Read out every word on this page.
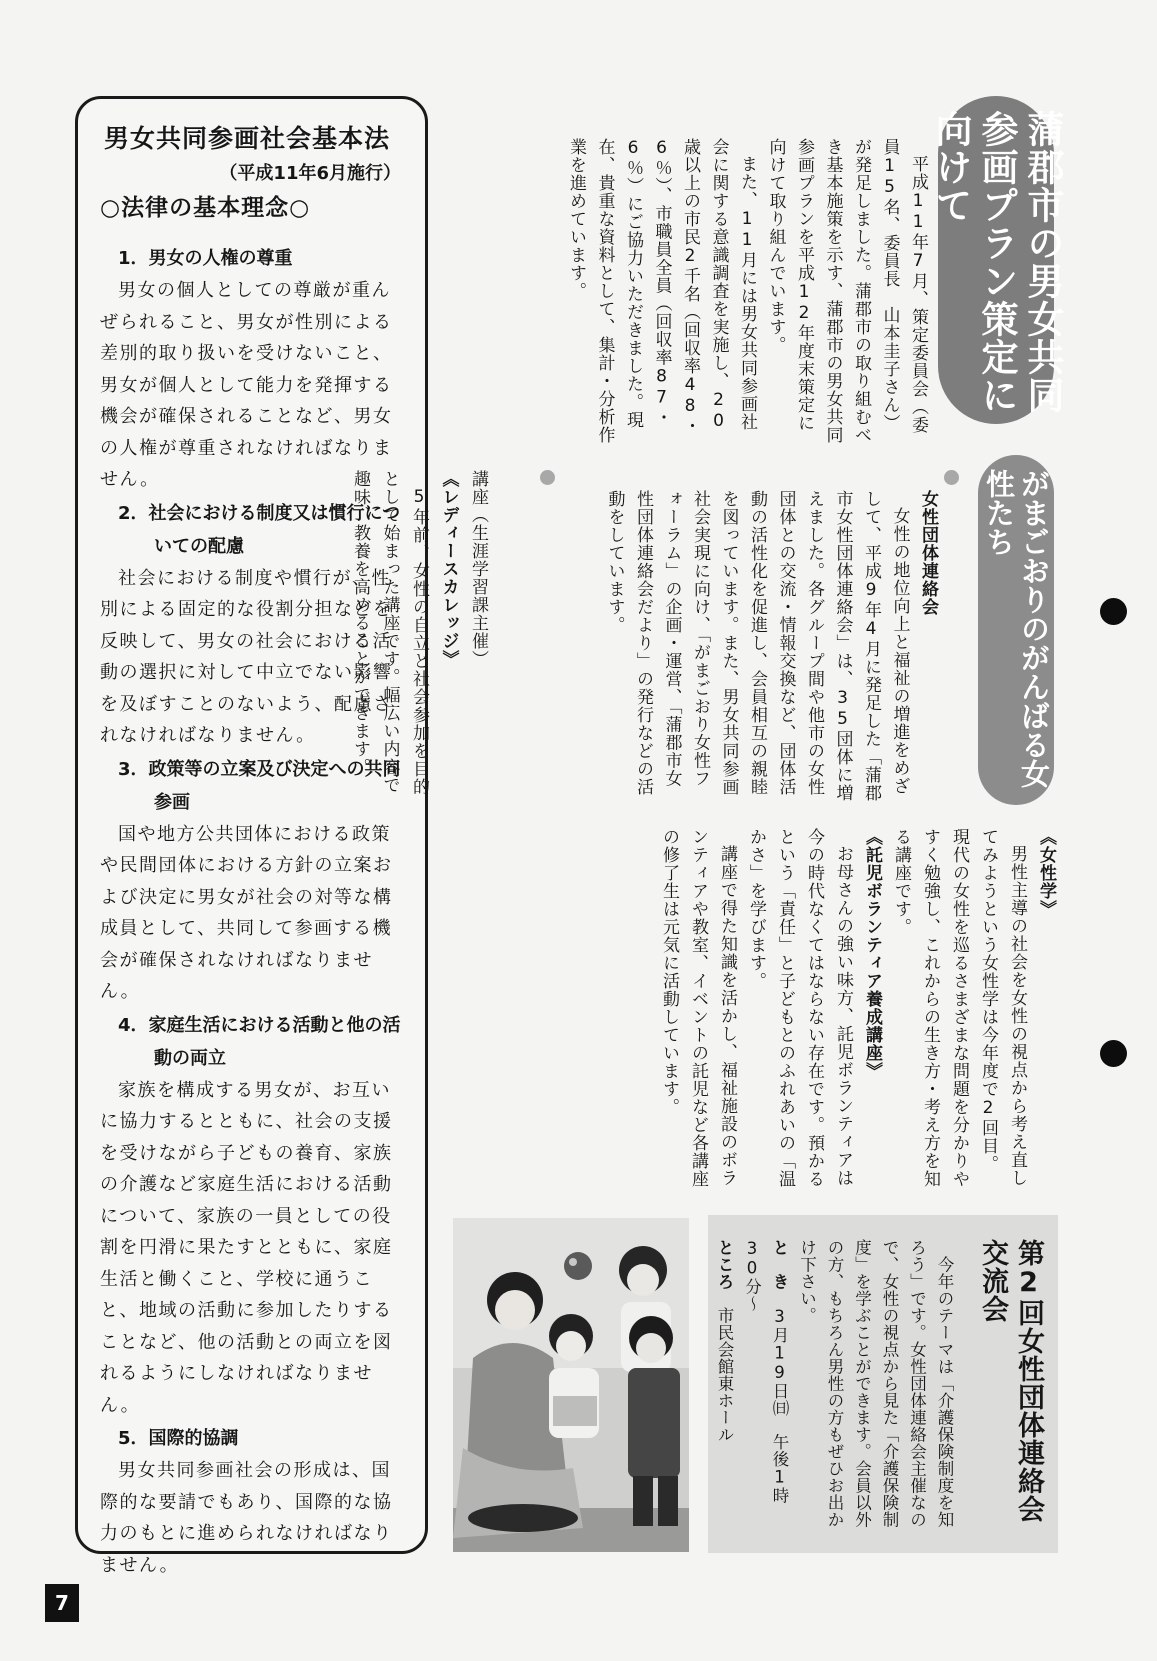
男女共同参画社会基本法
（平成11年6月施行）
○法律の基本理念○
1．男女の人権の尊重
男女の個人としての尊厳が重んぜられること、男女が性別による差別的取り扱いを受けないこと、男女が個人として能力を発揮する機会が確保されることなど、男女の人権が尊重されなければなりません。
2．社会における制度又は慣行についての配慮
社会における制度や慣行が、性別による固定的な役割分担などを反映して、男女の社会における活動の選択に対して中立でない影響を及ぼすことのないよう、配慮されなければなりません。
3．政策等の立案及び決定への共同参画
国や地方公共団体における政策や民間団体における方針の立案および決定に男女が社会の対等な構成員として、共同して参画する機会が確保されなければなりません。
4．家庭生活における活動と他の活動の両立
家族を構成する男女が、お互いに協力するとともに、社会の支援を受けながら子どもの養育、家族の介護など家庭生活における活動について、家族の一員としての役割を円滑に果たすとともに、家庭生活と働くこと、学校に通うこと、地域の活動に参加したりすることなど、他の活動との両立を図れるようにしなければなりません。
5．国際的協調
男女共同参画社会の形成は、国際的な要請でもあり、国際的な協力のもとに進められなければなりません。
蒲郡市の男女共同参画プラン策定に向けて

平成11年7月、策定委員会（委員15名、委員長　山本圭子さん）が発足しました。蒲郡市の取り組むべき基本施策を示す、蒲郡市の男女共同参画プランを平成12年度末策定に向けて取り組んでいます。

また、11月には男女共同参画社会に関する意識調査を実施し、20歳以上の市民2千名（回収率48・6％）、市職員全員（回収率87・6％）にご協力いただきました。現在、貴重な資料として、集計・分析作業を進めています。

がまごおりのがんばる女性たち

女性団体連絡会

女性の地位向上と福祉の増進をめざして、平成9年4月に発足した「蒲郡市女性団体連絡会」は、35団体に増えました。各グループ間や他市の女性団体との交流・情報交換など、団体活動の活性化を促進し、会員相互の親睦を図っています。また、男女共同参画社会実現に向け、「がまごおり女性フォーラム」の企画・運営、「蒲郡市女性団体連絡会だより」の発行などの活動をしています。

講座（生涯学習課主催）

《レディースカレッジ》

5年前、女性の自立と社会参加を目的として始まった講座です。幅広い内容で趣味、教養を高めることができます。

《女性学》

男性主導の社会を女性の視点から考え直してみようという女性学は今年度で2回目。現代の女性を巡るさまざまな問題を分かりやすく勉強し、これからの生き方・考え方を知る講座です。

《託児ボランティア養成講座》

お母さんの強い味方、託児ボランティアは今の時代なくてはならない存在です。預かるという「責任」と子どもとのふれあいの「温かさ」を学びます。

講座で得た知識を活かし、福祉施設のボランティアや教室、イベントの託児など各講座の修了生は元気に活動しています。

第2回女性団体連絡会交流会

今年のテーマは「介護保険制度を知ろう」です。女性団体連絡会主催なので、女性の視点から見た「介護保険制度」を学ぶことができます。会員以外の方、もちろん男性の方もぜひお出かけ下さい。

と　き　3月19日㈰　午後1時30分～

ところ　市民会館東ホール

7
